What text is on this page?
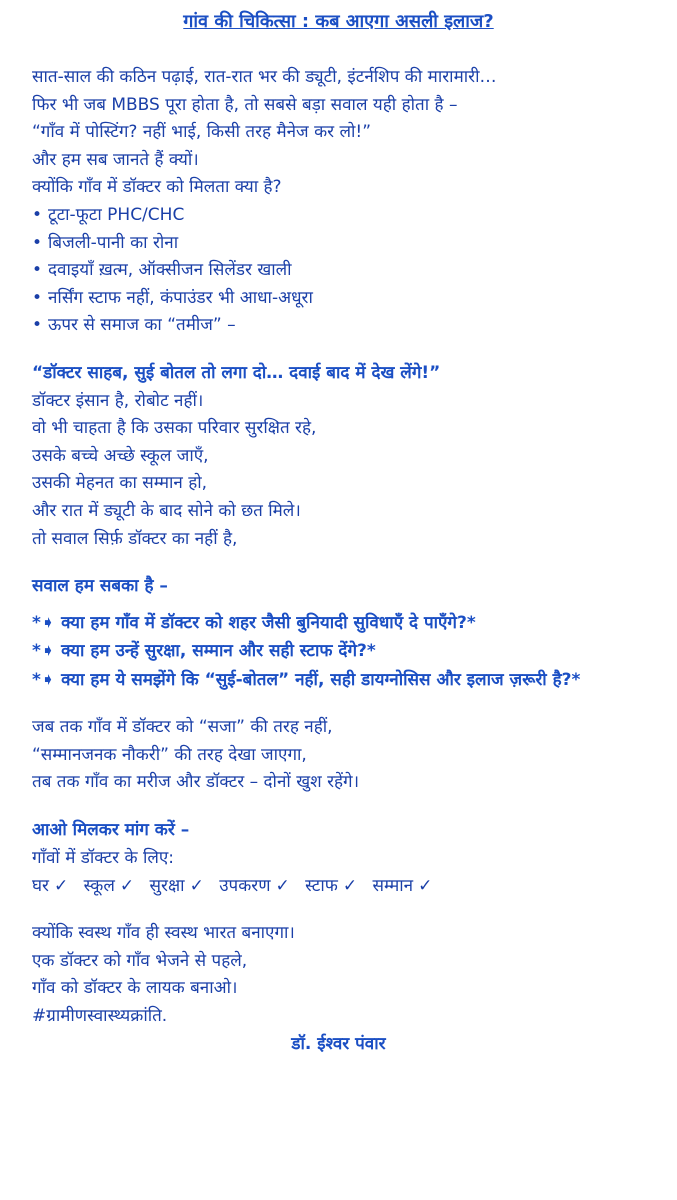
गांव की चिकित्सा : कब आएगा असली इलाज?
सात-साल की कठिन पढ़ाई, रात-रात भर की ड्यूटी, इंटर्नशिप की मारामारी…
फिर भी जब MBBS पूरा होता है, तो सबसे बड़ा सवाल यही होता है –
“गाँव में पोस्टिंग? नहीं भाई, किसी तरह मैनेज कर लो!”
और हम सब जानते हैं क्यों।
क्योंकि गाँव में डॉक्टर को मिलता क्या है?
• टूटा-फूटा PHC/CHC
• बिजली-पानी का रोना
• दवाइयाँ ख़त्म, ऑक्सीजन सिलेंडर खाली
• नर्सिंग स्टाफ नहीं, कंपाउंडर भी आधा-अधूरा
• ऊपर से समाज का “तमीज” –
“डॉक्टर साहब, सुई बोतल तो लगा दो… दवाई बाद में देख लेंगे!”
डॉक्टर इंसान है, रोबोट नहीं।
वो भी चाहता है कि उसका परिवार सुरक्षित रहे,
उसके बच्चे अच्छे स्कूल जाएँ,
उसकी मेहनत का सम्मान हो,
और रात में ड्यूटी के बाद सोने को छत मिले।
तो सवाल सिर्फ़ डॉक्टर का नहीं है,
सवाल हम सबका है –
*➧ क्या हम गाँव में डॉक्टर को शहर जैसी बुनियादी सुविधाएँ दे पाएँगे?*
*➧ क्या हम उन्हें सुरक्षा, सम्मान और सही स्टाफ देंगे?*
*➧ क्या हम ये समझेंगे कि “सुई-बोतल” नहीं, सही डायग्नोसिस और इलाज ज़रूरी है?*
जब तक गाँव में डॉक्टर को “सजा” की तरह नहीं,
“सम्मानजनक नौकरी” की तरह देखा जाएगा,
तब तक गाँव का मरीज और डॉक्टर – दोनों खुश रहेंगे।
आओ मिलकर मांग करें –
गाँवों में डॉक्टर के लिए:
घर ✓ स्कूल ✓ सुरक्षा ✓ उपकरण ✓ स्टाफ ✓ सम्मान ✓
क्योंकि स्वस्थ गाँव ही स्वस्थ भारत बनाएगा।
एक डॉक्टर को गाँव भेजने से पहले,
गाँव को डॉक्टर के लायक बनाओ।
#ग्रामीणस्वास्थ्यक्रांति.
डॉ. ईश्वर पंवार
